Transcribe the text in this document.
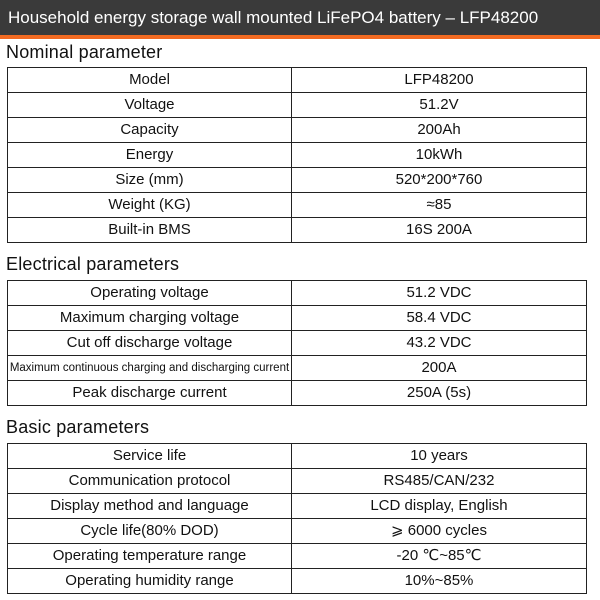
Household energy storage wall mounted LiFePO4 battery – LFP48200
Nominal parameter
Model	LFP48200
Voltage	51.2V
Capacity	200Ah
Energy	10kWh
Size (mm)	520*200*760
Weight (KG)	≈85
Built-in BMS	16S 200A
Electrical parameters
Operating voltage	51.2 VDC
Maximum charging voltage	58.4 VDC
Cut off discharge voltage	43.2 VDC
Maximum continuous charging and discharging current	200A
Peak discharge current	250A (5s)
Basic parameters
Service life	10 years
Communication protocol	RS485/CAN/232
Display method and language	LCD display, English
Cycle life(80% DOD)	⩾ 6000 cycles
Operating temperature range	-20 ℃~85℃
Operating humidity range	10%~85%
